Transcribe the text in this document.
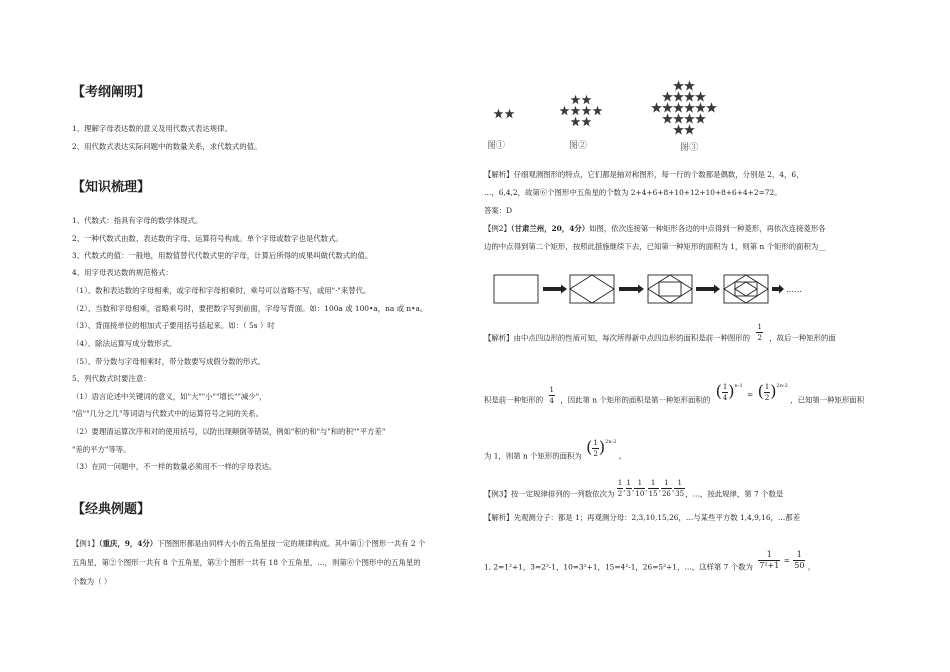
【考纲阐明】
1、理解字母表达数的意义及用代数式表达规律。
2、用代数式表达实际问题中的数量关系，求代数式的值。
【知识梳理】
1、代数式：指具有字母的数学体现式。
2、一种代数式由数、表达数的字母、运算符号构成。单个字母或数字也是代数式。
3、代数式的值：一般地，用数值替代代数式里的字母，计算后所得的成果叫做代数式的值。
4、用字母表达数的规范格式：
（1）、数和表达数的字母相乘，或字母和字母相乘时，乘号可以省略不写，或用"·"来替代。
（2）、当数和字母相乘，省略乘号时，要把数字写到前面，字母写背面。如：100a 或 100•a，na 或 n•a。
（3）、背面接单位的相加式子要用括号括起来。如：（ 5s ）吋
（4）、除法运算写成分数形式。
（5）、带分数与字母相乘时，带分数要写成假分数的形式。
5、列代数式时要注意：
（1）语言论述中关键词的意义，如"大""小""增长""减少"，
"倍""几分之几"等词语与代数式中的运算符号之间的关系。
（2）要理清运算次序和对的使用括号，以防出现颠倒等错误，例如"积的和"与"和的积""平方差"
"差的平方"等等。
（3）在同一问题中，不一样的数量必须用不一样的字母表达。
【经典例题】
【例1】（重庆，9，4分）下图图形都是由同样大小的五角星按一定的规律构成。其中第①个图形一共有 2 个
五角星，第②个图形一共有 8 个五角星，第③个图形一共有 18 个五角星，…，则第⑥个图形中的五角星的
个数为（ ）
图①	图②	图③
【解析】仔细观测图形的特点，它们都是轴对称图形，每一行的个数都是偶数，分别是 2，4，6，
…，6,4,2，故第⑥个图形中五角星的个数为 2+4+6+8+10+12+10+8+6+4+2=72。
答案：D
【例2】（甘肃兰州，20，4分）如图，依次连接第一种矩形各边的中点得到一种菱形，再依次连接菱形各
边的中点得到第二个矩形，按照此措施继续下去，已知第一种矩形的面积为 1，则第 n 个矩形的面积为__
……
【解析】由中点四边形的性质可知，每次所得新中点四边形的面积是前一种图形的 $\frac{1}{2}$ ，故后一种矩形的面
积是前一种矩形的 $\frac{1}{4}$ ，因此第 n 个矩形的面积是第一种矩形面积的 ( $\frac{1}{4} )^{n-1}$ = ( $\frac{1}{2} )^{2n-2}$ ，已知第一种矩形面积
为 1，则第 n 个矩形的面积为 ( $\frac{1}{2} )^{2n-2}$ 。
【例3】按一定规律排列的一列数依次为 $\frac{1}{2}$ , $\frac{1}{3}$ , $\frac{1}{10}$ , $\frac{1}{15}$ , $\frac{1}{26}$ , $\frac{1}{35}$ ，…，按此规律，第 7 个数是
【解析】先观测分子：都是 1；再观测分母：2,3,10,15,26，…与某些平方数 1,4,9,16，…都差
1, 2=1²+1，3=2²-1，10=3²+1，15=4²-1，26=5²+1，…，这样第 7 个数为 $\frac{1}{\text{7²+1}} = \frac{1}{50}$ 。
